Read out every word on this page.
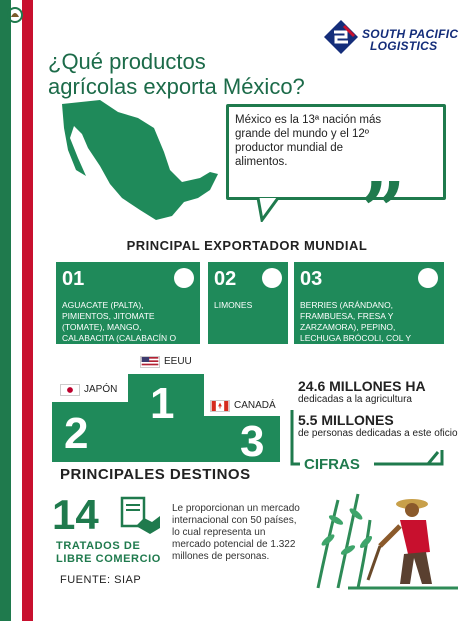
¿Qué productos
agrícolas exporta México?
SOUTH PACIFIC
LOGISTICS

México es la 13ª nación más grande del mundo y el 12º productor mundial de alimentos. „
PRINCIPAL EXPORTADOR MUNDIAL
01
AGUACATE (PALTA), PIMIENTOS, JITOMATE (TOMATE), MANGO, CALABACITA (CALABACÍN O ZAPALLITO), Y ESPÁRRAGOS
02
LIMONES
03
BERRIES (ARÁNDANO, FRAMBUESA, FRESA Y ZARZAMORA), PEPINO, LECHUGA BRÓCOLI, COL Y COLIFLOR
2
1
3
EEUU
JAPÓN
CANADÁ
PRINCIPALES DESTINOS
24.6 MILLONES HA
dedicadas a la agricultura
5.5 MILLONES
de personas dedicadas a este oficio
CIFRAS
14
TRATADOS DE
LIBRE COMERCIO

Le proporcionan un mercado internacional con 50 países, lo cual representa un mercado potencial de 1.322 millones de personas.

FUENTE: SIAP
